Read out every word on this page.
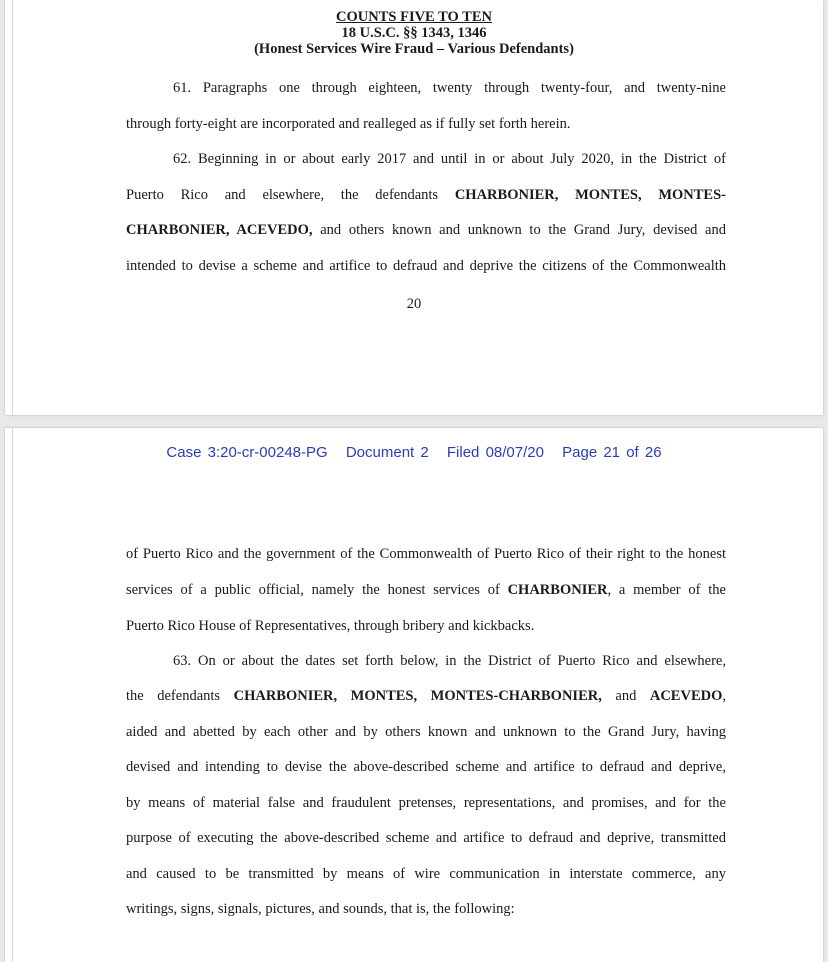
COUNTS FIVE TO TEN
18 U.S.C. §§ 1343, 1346
(Honest Services Wire Fraud – Various Defendants)
61. Paragraphs one through eighteen, twenty through twenty-four, and twenty-nine
through forty-eight are incorporated and realleged as if fully set forth herein.
62. Beginning in or about early 2017 and until in or about July 2020, in the District of
Puerto Rico and elsewhere, the defendants CHARBONIER, MONTES, MONTES-
CHARBONIER, ACEVEDO, and others known and unknown to the Grand Jury, devised and
intended to devise a scheme and artifice to defraud and deprive the citizens of the Commonwealth
20
Case 3:20-cr-00248-PG Document 2 Filed 08/07/20 Page 21 of 26
of Puerto Rico and the government of the Commonwealth of Puerto Rico of their right to the honest
services of a public official, namely the honest services of CHARBONIER, a member of the
Puerto Rico House of Representatives, through bribery and kickbacks.
63. On or about the dates set forth below, in the District of Puerto Rico and elsewhere,
the defendants CHARBONIER, MONTES, MONTES-CHARBONIER, and ACEVEDO,
aided and abetted by each other and by others known and unknown to the Grand Jury, having
devised and intending to devise the above-described scheme and artifice to defraud and deprive,
by means of material false and fraudulent pretenses, representations, and promises, and for the
purpose of executing the above-described scheme and artifice to defraud and deprive, transmitted
and caused to be transmitted by means of wire communication in interstate commerce, any
writings, signs, signals, pictures, and sounds, that is, the following:
